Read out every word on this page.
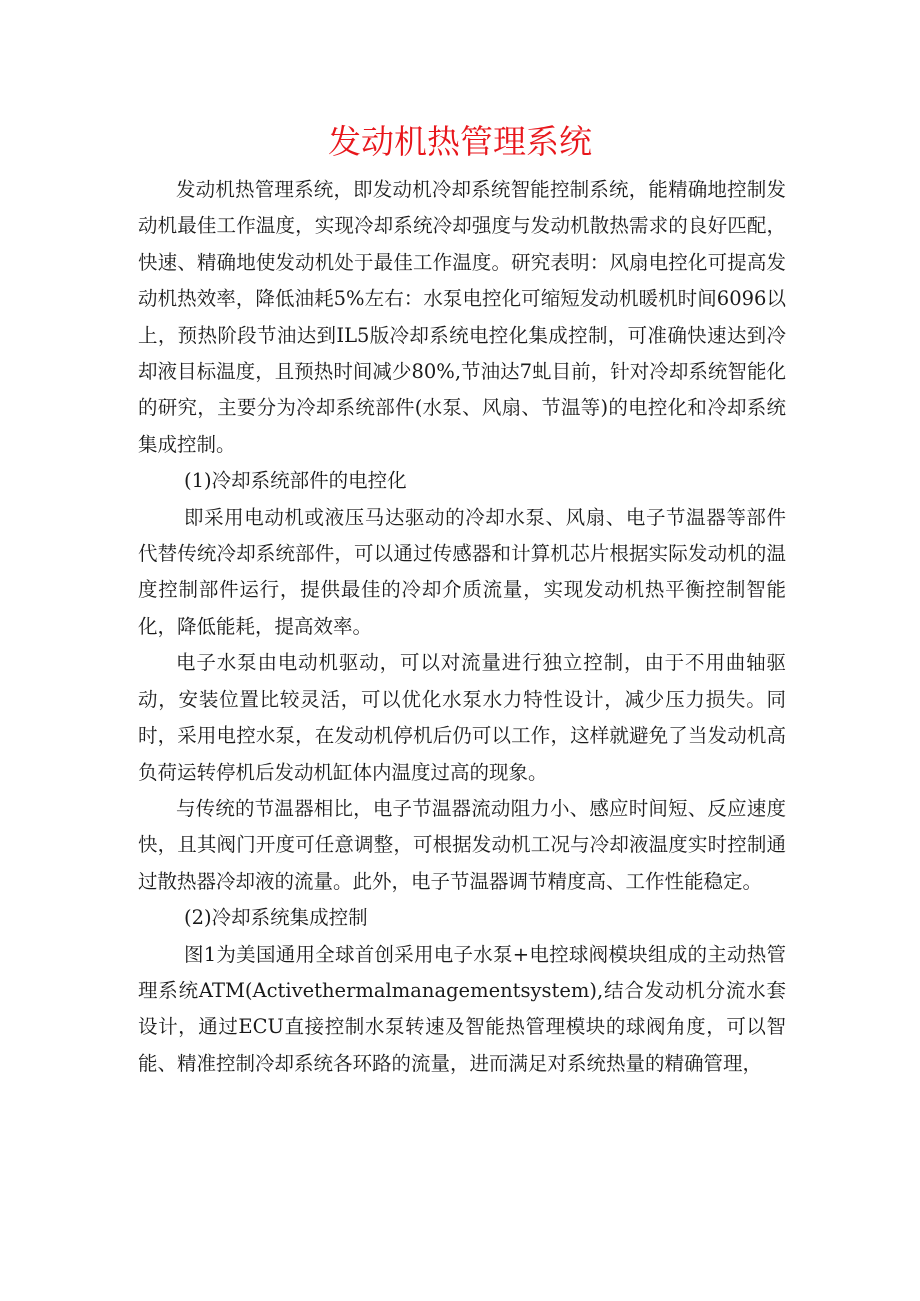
发动机热管理系统

发动机热管理系统，即发动机冷却系统智能控制系统，能精确地控制发动机最佳工作温度，实现冷却系统冷却强度与发动机散热需求的良好匹配，快速、精确地使发动机处于最佳工作温度。研究表明：风扇电控化可提高发动机热效率，降低油耗5%左右：水泵电控化可缩短发动机暖机时间6096以上，预热阶段节油达到IL5版冷却系统电控化集成控制，可准确快速达到冷却液目标温度，且预热时间减少80%,节油达7虬目前，针对冷却系统智能化的研究，主要分为冷却系统部件(水泵、风扇、节温等)的电控化和冷却系统集成控制。

(1)冷却系统部件的电控化

即采用电动机或液压马达驱动的冷却水泵、风扇、电子节温器等部件代替传统冷却系统部件，可以通过传感器和计算机芯片根据实际发动机的温度控制部件运行，提供最佳的冷却介质流量，实现发动机热平衡控制智能化，降低能耗，提高效率。

电子水泵由电动机驱动，可以对流量进行独立控制，由于不用曲轴驱动，安装位置比较灵活，可以优化水泵水力特性设计，减少压力损失。同时，采用电控水泵，在发动机停机后仍可以工作，这样就避免了当发动机高负荷运转停机后发动机缸体内温度过高的现象。

与传统的节温器相比，电子节温器流动阻力小、感应时间短、反应速度快，且其阀门开度可任意调整，可根据发动机工况与冷却液温度实时控制通过散热器冷却液的流量。此外，电子节温器调节精度高、工作性能稳定。

(2)冷却系统集成控制

图1为美国通用全球首创采用电子水泵+电控球阀模块组成的主动热管理系统ATM(Activethermalmanagementsystem),结合发动机分流水套设计，通过ECU直接控制水泵转速及智能热管理模块的球阀角度，可以智能、精准控制冷却系统各环路的流量，进而满足对系统热量的精确管理，
